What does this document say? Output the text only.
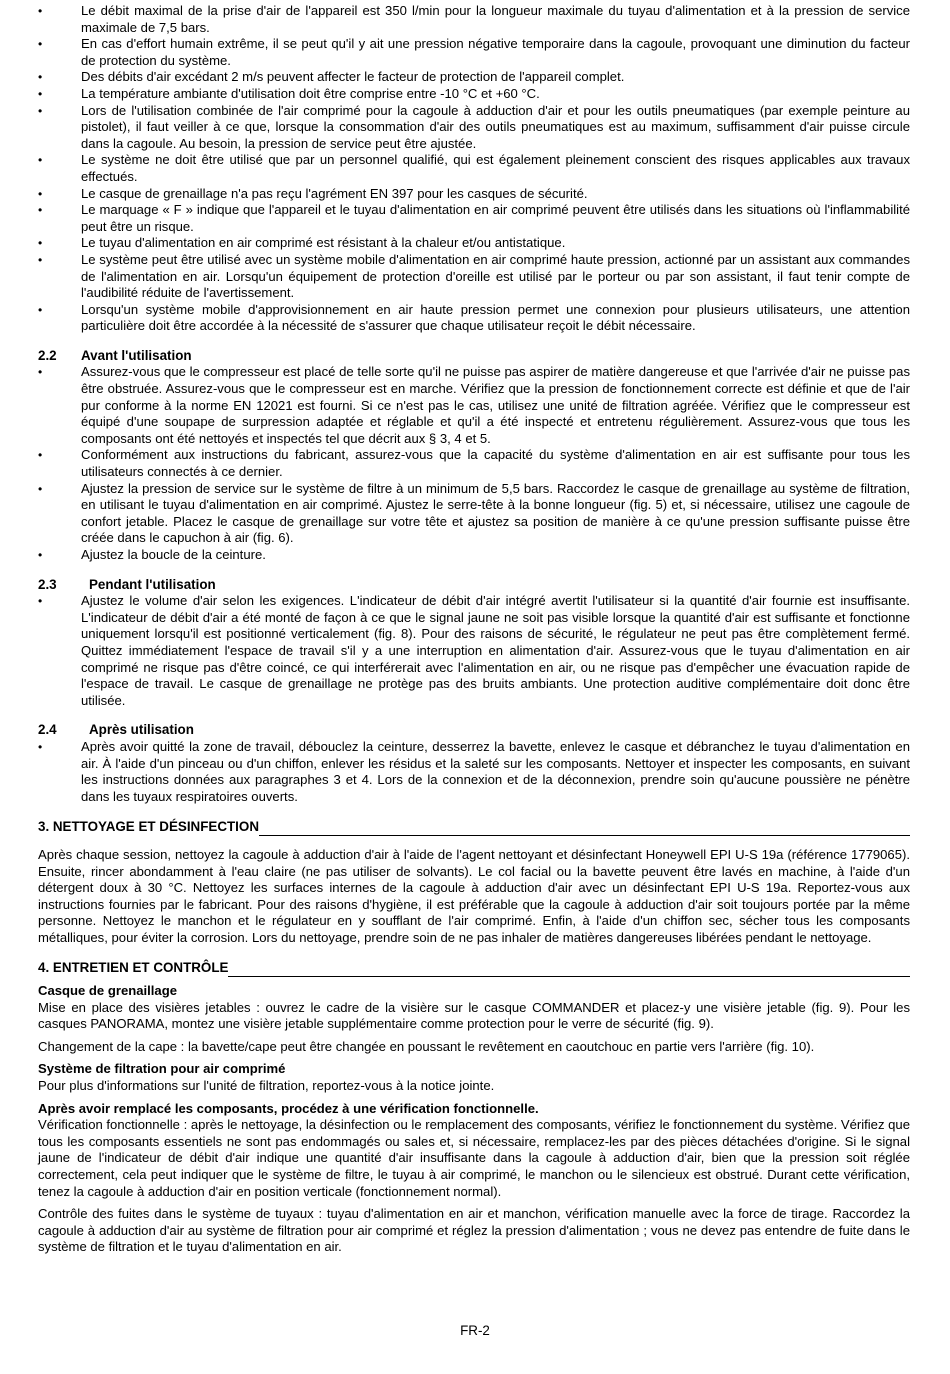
• Le débit maximal de la prise d'air de l'appareil est 350 l/min pour la longueur maximale du tuyau d'alimentation et à la pression de service maximale de 7,5 bars.
• En cas d'effort humain extrême, il se peut qu'il y ait une pression négative temporaire dans la cagoule, provoquant une diminution du facteur de protection du système.
• Des débits d'air excédant 2 m/s peuvent affecter le facteur de protection de l'appareil complet.
• La température ambiante d'utilisation doit être comprise entre -10 °C et +60 °C.
• Lors de l'utilisation combinée de l'air comprimé pour la cagoule à adduction d'air et pour les outils pneumatiques (par exemple peinture au pistolet), il faut veiller à ce que, lorsque la consommation d'air des outils pneumatiques est au maximum, suffisamment d'air puisse circule dans la cagoule. Au besoin, la pression de service peut être ajustée.
• Le système ne doit être utilisé que par un personnel qualifié, qui est également pleinement conscient des risques applicables aux travaux effectués.
• Le casque de grenaillage n'a pas reçu l'agrément EN 397 pour les casques de sécurité.
• Le marquage « F » indique que l'appareil et le tuyau d'alimentation en air comprimé peuvent être utilisés dans les situations où l'inflammabilité peut être un risque.
• Le tuyau d'alimentation en air comprimé est résistant à la chaleur et/ou antistatique.
• Le système peut être utilisé avec un système mobile d'alimentation en air comprimé haute pression, actionné par un assistant aux commandes de l'alimentation en air. Lorsqu'un équipement de protection d'oreille est utilisé par le porteur ou par son assistant, il faut tenir compte de l'audibilité réduite de l'avertissement.
• Lorsqu'un système mobile d'approvisionnement en air haute pression permet une connexion pour plusieurs utilisateurs, une attention particulière doit être accordée à la nécessité de s'assurer que chaque utilisateur reçoit le débit nécessaire.
2.2	Avant l'utilisation
• Assurez-vous que le compresseur est placé de telle sorte qu'il ne puisse pas aspirer de matière dangereuse et que l'arrivée d'air ne puisse pas être obstruée. Assurez-vous que le compresseur est en marche. Vérifiez que la pression de fonctionnement correcte est définie et que de l'air pur conforme à la norme EN 12021 est fourni. Si ce n'est pas le cas, utilisez une unité de filtration agréée. Vérifiez que le compresseur est équipé d'une soupape de surpression adaptée et réglable et qu'il a été inspecté et entretenu régulièrement. Assurez-vous que tous les composants ont été nettoyés et inspectés tel que décrit aux § 3, 4 et 5.
• Conformément aux instructions du fabricant, assurez-vous que la capacité du système d'alimentation en air est suffisante pour tous les utilisateurs connectés à ce dernier.
• Ajustez la pression de service sur le système de filtre à un minimum de 5,5 bars. Raccordez le casque de grenaillage au système de filtration, en utilisant le tuyau d'alimentation en air comprimé. Ajustez le serre-tête à la bonne longueur (fig. 5) et, si nécessaire, utilisez une cagoule de confort jetable. Placez le casque de grenaillage sur votre tête et ajustez sa position de manière à ce qu'une pression suffisante puisse être créée dans le capuchon à air (fig. 6).
• Ajustez la boucle de la ceinture.
2.3	Pendant l'utilisation
• Ajustez le volume d'air selon les exigences. L'indicateur de débit d'air intégré avertit l'utilisateur si la quantité d'air fournie est insuffisante. L'indicateur de débit d'air a été monté de façon à ce que le signal jaune ne soit pas visible lorsque la quantité d'air est suffisante et fonctionne uniquement lorsqu'il est positionné verticalement (fig. 8). Pour des raisons de sécurité, le régulateur ne peut pas être complètement fermé. Quittez immédiatement l'espace de travail s'il y a une interruption en alimentation d'air. Assurez-vous que le tuyau d'alimentation en air comprimé ne risque pas d'être coincé, ce qui interférerait avec l'alimentation en air, ou ne risque pas d'empêcher une évacuation rapide de l'espace de travail. Le casque de grenaillage ne protège pas des bruits ambiants. Une protection auditive complémentaire doit donc être utilisée.
2.4	Après utilisation
• Après avoir quitté la zone de travail, débouclez la ceinture, desserrez la bavette, enlevez le casque et débranchez le tuyau d'alimentation en air. À l'aide d'un pinceau ou d'un chiffon, enlever les résidus et la saleté sur les composants. Nettoyer et inspecter les composants, en suivant les instructions données aux paragraphes 3 et 4. Lors de la connexion et de la déconnexion, prendre soin qu'aucune poussière ne pénètre dans les tuyaux respiratoires ouverts.
3. NETTOYAGE ET DÉSINFECTION

Après chaque session, nettoyez la cagoule à adduction d'air à l'aide de l'agent nettoyant et désinfectant Honeywell EPI U-S 19a (référence 1779065). Ensuite, rincer abondamment à l'eau claire (ne pas utiliser de solvants). Le col facial ou la bavette peuvent être lavés en machine, à l'aide d'un détergent doux à 30 °C. Nettoyez les surfaces internes de la cagoule à adduction d'air avec un désinfectant EPI U-S 19a. Reportez-vous aux instructions fournies par le fabricant. Pour des raisons d'hygiène, il est préférable que la cagoule à adduction d'air soit toujours portée par la même personne. Nettoyez le manchon et le régulateur en y soufflant de l'air comprimé. Enfin, à l'aide d'un chiffon sec, sécher tous les composants métalliques, pour éviter la corrosion. Lors du nettoyage, prendre soin de ne pas inhaler de matières dangereuses libérées pendant le nettoyage.

4. ENTRETIEN ET CONTRÔLE
Casque de grenaillage

Mise en place des visières jetables : ouvrez le cadre de la visière sur le casque COMMANDER et placez-y une visière jetable (fig. 9). Pour les casques PANORAMA, montez une visière jetable supplémentaire comme protection pour le verre de sécurité (fig. 9).

Changement de la cape : la bavette/cape peut être changée en poussant le revêtement en caoutchouc en partie vers l'arrière (fig. 10).

Système de filtration pour air comprimé

Pour plus d'informations sur l'unité de filtration, reportez-vous à la notice jointe.

Après avoir remplacé les composants, procédez à une vérification fonctionnelle.

Vérification fonctionnelle : après le nettoyage, la désinfection ou le remplacement des composants, vérifiez le fonctionnement du système. Vérifiez que tous les composants essentiels ne sont pas endommagés ou sales et, si nécessaire, remplacez-les par des pièces détachées d'origine. Si le signal jaune de l'indicateur de débit d'air indique une quantité d'air insuffisante dans la cagoule à adduction d'air, bien que la pression soit réglée correctement, cela peut indiquer que le système de filtre, le tuyau à air comprimé, le manchon ou le silencieux est obstrué. Durant cette vérification, tenez la cagoule à adduction d'air en position verticale (fonctionnement normal).

Contrôle des fuites dans le système de tuyaux : tuyau d'alimentation en air et manchon, vérification manuelle avec la force de tirage. Raccordez la cagoule à adduction d'air au système de filtration pour air comprimé et réglez la pression d'alimentation ; vous ne devez pas entendre de fuite dans le système de filtration et le tuyau d'alimentation en air.

FR-2
